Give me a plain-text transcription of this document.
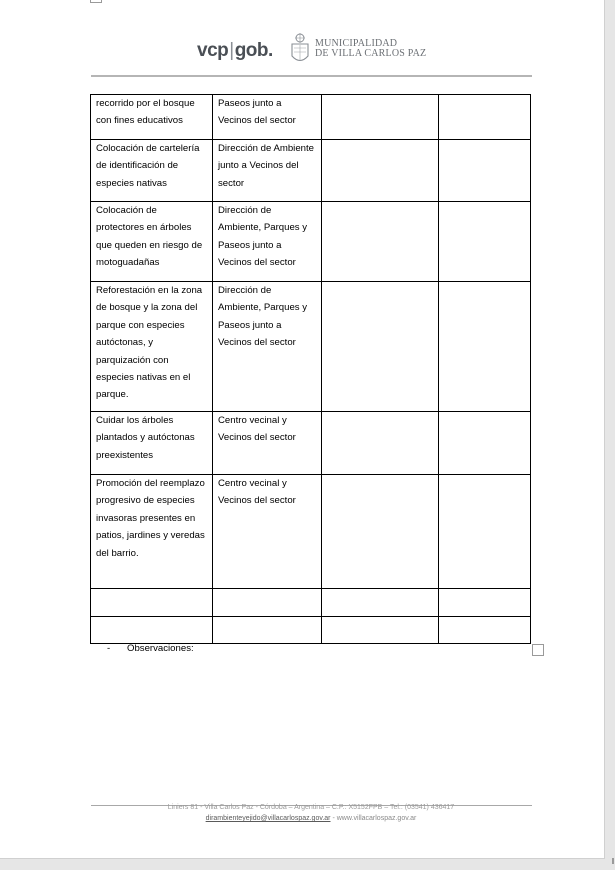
vcp|gob.	MUNICIPALIDAD
DE VILLA CARLOS PAZ
recorrido por el bosque con fines educativos	Paseos junto a Vecinos del sector		
Colocación de cartelería de identificación de especies nativas	Dirección de Ambiente junto a Vecinos del sector		
Colocación de protectores en árboles que queden en riesgo de motoguadañas	Dirección de Ambiente, Parques y Paseos junto a Vecinos del sector		
Reforestación en la zona de bosque y la zona del parque con especies autóctonas, y parquización con especies nativas en el parque.	Dirección de Ambiente, Parques y Paseos junto a Vecinos del sector		
Cuidar los árboles plantados y autóctonas preexistentes	Centro vecinal y Vecinos del sector		
Promoción del reemplazo progresivo de especies invasoras presentes en patios, jardines y veredas del barrio.	Centro vecinal y Vecinos del sector		

- Observaciones:
Liniers 81 - Villa Carlos Paz - Córdoba – Argentina – C.P.: X5152FPB – Tel.: (03541) 436417
dirambienteyejido@villacarlospaz.gov.ar - www.villacarlospaz.gov.ar
